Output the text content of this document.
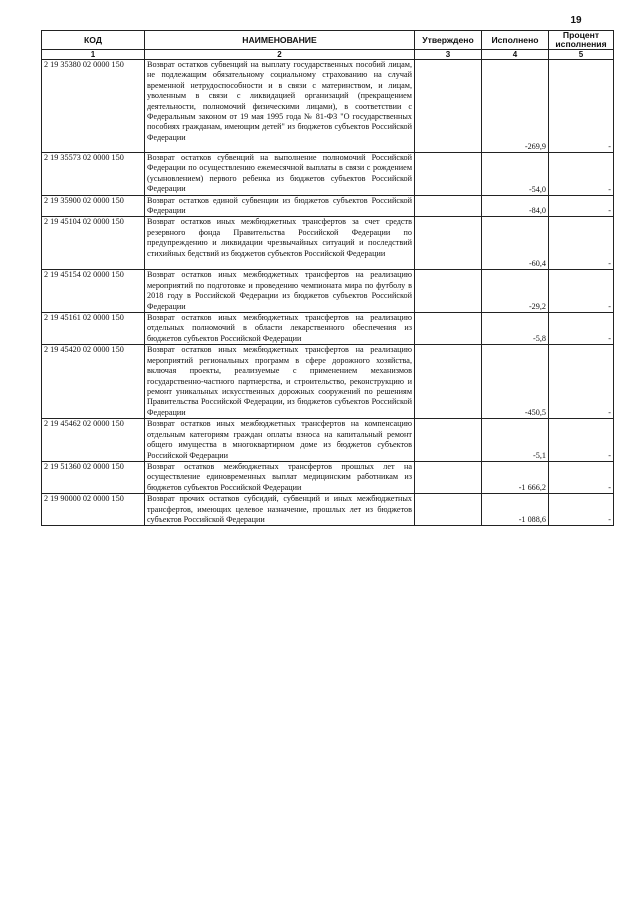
19
КОД	НАИМЕНОВАНИЕ	Утверждено	Исполнено	Процент исполнения
1	2	3	4	5
2 19 35380 02 0000 150	Возврат остатков субвенций на выплату государственных пособий лицам, не подлежащим обязательному социальному страхованию на случай временной нетрудоспособности и в связи с материнством, и лицам, уволенным в связи с ликвидацией организаций (прекращением деятельности, полномочий физическими лицами), в соответствии с Федеральным законом от 19 мая 1995 года № 81-ФЗ "О государственных пособиях гражданам, имеющим детей" из бюджетов субъектов Российской Федерации		-269,9	-
2 19 35573 02 0000 150	Возврат остатков субвенций на выполнение полномочий Российской Федерации по осуществлению ежемесячной выплаты в связи с рождением (усыновлением) первого ребенка из бюджетов субъектов Российской Федерации		-54,0	-
2 19 35900 02 0000 150	Возврат остатков единой субвенции из бюджетов субъектов Российской Федерации		-84,0	-
2 19 45104 02 0000 150	Возврат остатков иных межбюджетных трансфертов за счет средств резервного фонда Правительства Российской Федерации по предупреждению и ликвидации чрезвычайных ситуаций и последствий стихийных бедствий из бюджетов субъектов Российской Федерации		-60,4	-
2 19 45154 02 0000 150	Возврат остатков иных межбюджетных трансфертов на реализацию мероприятий по подготовке и проведению чемпионата мира по футболу в 2018 году в Российской Федерации из бюджетов субъектов Российской Федерации		-29,2	-
2 19 45161 02 0000 150	Возврат остатков иных межбюджетных трансфертов на реализацию отдельных полномочий в области лекарственного обеспечения из бюджетов субъектов Российской Федерации		-5,8	-
2 19 45420 02 0000 150	Возврат остатков иных межбюджетных трансфертов на реализацию мероприятий региональных программ в сфере дорожного хозяйства, включая проекты, реализуемые с применением механизмов государственно-частного партнерства, и строительство, реконструкцию и ремонт уникальных искусственных дорожных сооружений по решениям Правительства Российской Федерации, из бюджетов субъектов Российской Федерации		-450,5	-
2 19 45462 02 0000 150	Возврат остатков иных межбюджетных трансфертов на компенсацию отдельным категориям граждан оплаты взноса на капитальный ремонт общего имущества в многоквартирном доме из бюджетов субъектов Российской Федерации		-5,1	-
2 19 51360 02 0000 150	Возврат остатков межбюджетных трансфертов прошлых лет на осуществление единовременных выплат медицинским работникам из бюджетов субъектов Российской Федерации		-1 666,2	-
2 19 90000 02 0000 150	Возврат прочих остатков субсидий, субвенций и иных межбюджетных трансфертов, имеющих целевое назначение, прошлых лет из бюджетов субъектов Российской Федерации		-1 088,6	-
